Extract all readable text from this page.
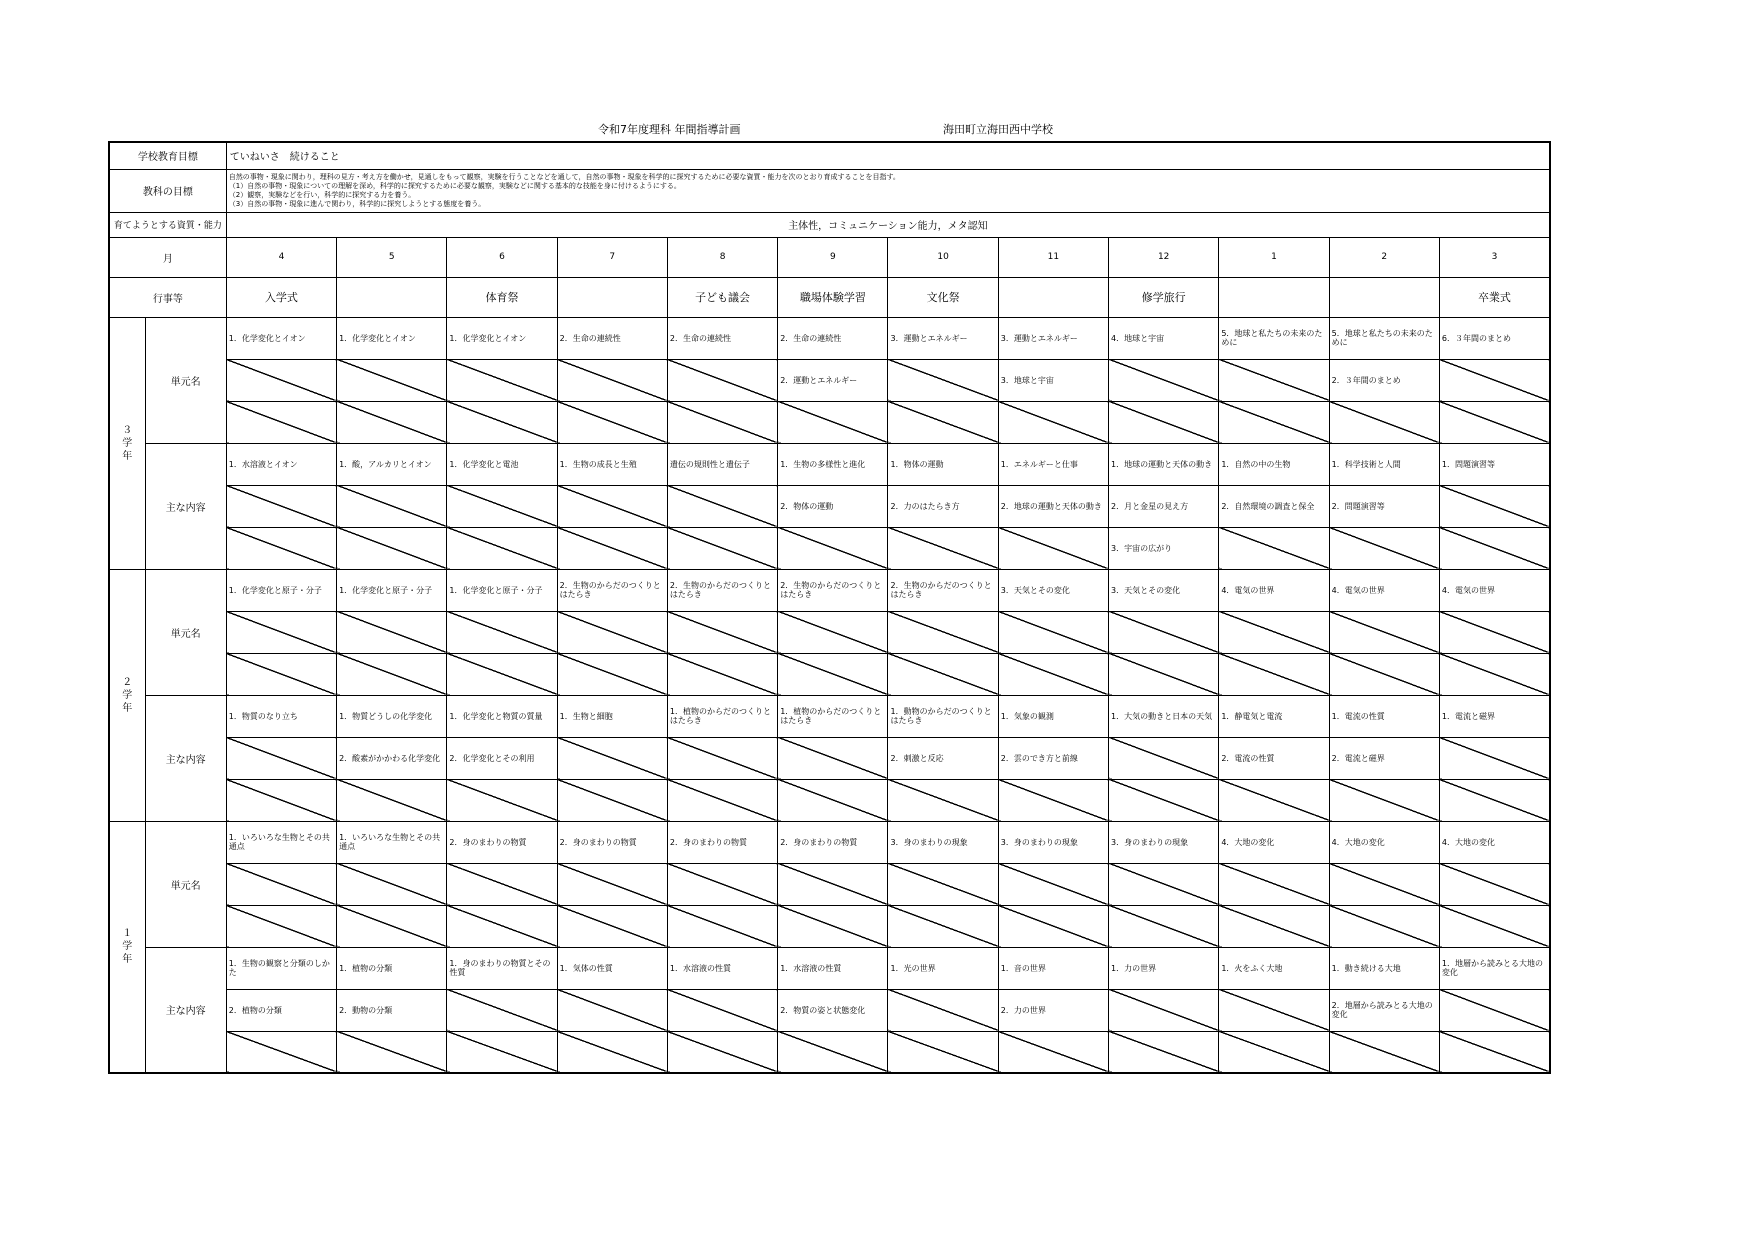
令和7年度理科 年間指導計画	海田町立海田西中学校
学校教育目標		ていねいさ　続けること											
教科の目標		自然の事物・現象に関わり，理科の見方・考え方を働かせ，見通しをもって観察，実験を行うことなどを通して，自然の事物・現象を科学的に探究するために必要な資質・能力を次のとおり育成することを目指す。
（1）自然の事物・現象についての理解を深め，科学的に探究するために必要な観察，実験などに関する基本的な技能を身に付けるようにする。
（2）観察，実験などを行い，科学的に探究する力を養う。
（3）自然の事物・現象に進んで関わり，科学的に探究しようとする態度を養う。											

育てようとする資質・能力		主体性，コミュニケーション能力，メタ認知											
月		4	5	6	7	8	9	10	11	12	1	2	3
行事等		入学式		体育祭		子ども議会	職場体験学習	文化祭		修学旅行			卒業式

３
学
年	単元名	1．化学変化とイオン	1．化学変化とイオン	1．化学変化とイオン	2．生命の連続性	2．生命の連続性	2．生命の連続性	3．運動とエネルギー	3．運動とエネルギー	4．地球と宇宙	5．地球と私たちの未来のために	5．地球と私たちの未来のために	6．３年間のまとめ
							2．運動とエネルギー		3．地球と宇宙			2．３年間のまとめ	

	主な内容	1．水溶液とイオン	1．酸，アルカリとイオン	1．化学変化と電池	1．生物の成長と生殖	遺伝の規則性と遺伝子	1．生物の多様性と進化	1．物体の運動	1．エネルギーと仕事	1．地球の運動と天体の動き	1．自然の中の生物	1．科学技術と人間	1．問題演習等
							2．物体の運動	2．力のはたらき方	2．地球の運動と天体の動き	2．月と金星の見え方	2．自然環境の調査と保全	2．問題演習等	
										3．宇宙の広がり			

２
学
年	単元名	1．化学変化と原子・分子	1．化学変化と原子・分子	1．化学変化と原子・分子	2．生物のからだのつくりとはたらき	2．生物のからだのつくりとはたらき	2．生物のからだのつくりとはたらき	2．生物のからだのつくりとはたらき	3．天気とその変化	3．天気とその変化	4．電気の世界	4．電気の世界	4．電気の世界

	主な内容	1．物質のなり立ち	1．物質どうしの化学変化	1．化学変化と物質の質量	1．生物と細胞	1．植物のからだのつくりとはたらき	1．植物のからだのつくりとはたらき	1．動物のからだのつくりとはたらき	1．気象の観測	1．大気の動きと日本の天気	1．静電気と電流	1．電流の性質	1．電流と磁界
			2．酸素がかかわる化学変化	2．化学変化とその利用				2．刺激と反応	2．雲のでき方と前線		2．電流の性質	2．電流と磁界	

１
学
年	単元名	1．いろいろな生物とその共通点	1．いろいろな生物とその共通点	2．身のまわりの物質	2．身のまわりの物質	2．身のまわりの物質	2．身のまわりの物質	3．身のまわりの現象	3．身のまわりの現象	3．身のまわりの現象	4．大地の変化	4．大地の変化	4．大地の変化

	主な内容	1．生物の観察と分類のしかた	1．植物の分類	1．身のまわりの物質とその性質	1．気体の性質	1．水溶液の性質	1．水溶液の性質	1．光の世界	1．音の世界	1．力の世界	1．火をふく大地	1．動き続ける大地	1．地層から読みとる大地の変化
		2．植物の分類	2．動物の分類				2．物質の姿と状態変化		2．力の世界			2．地層から読みとる大地の変化	
